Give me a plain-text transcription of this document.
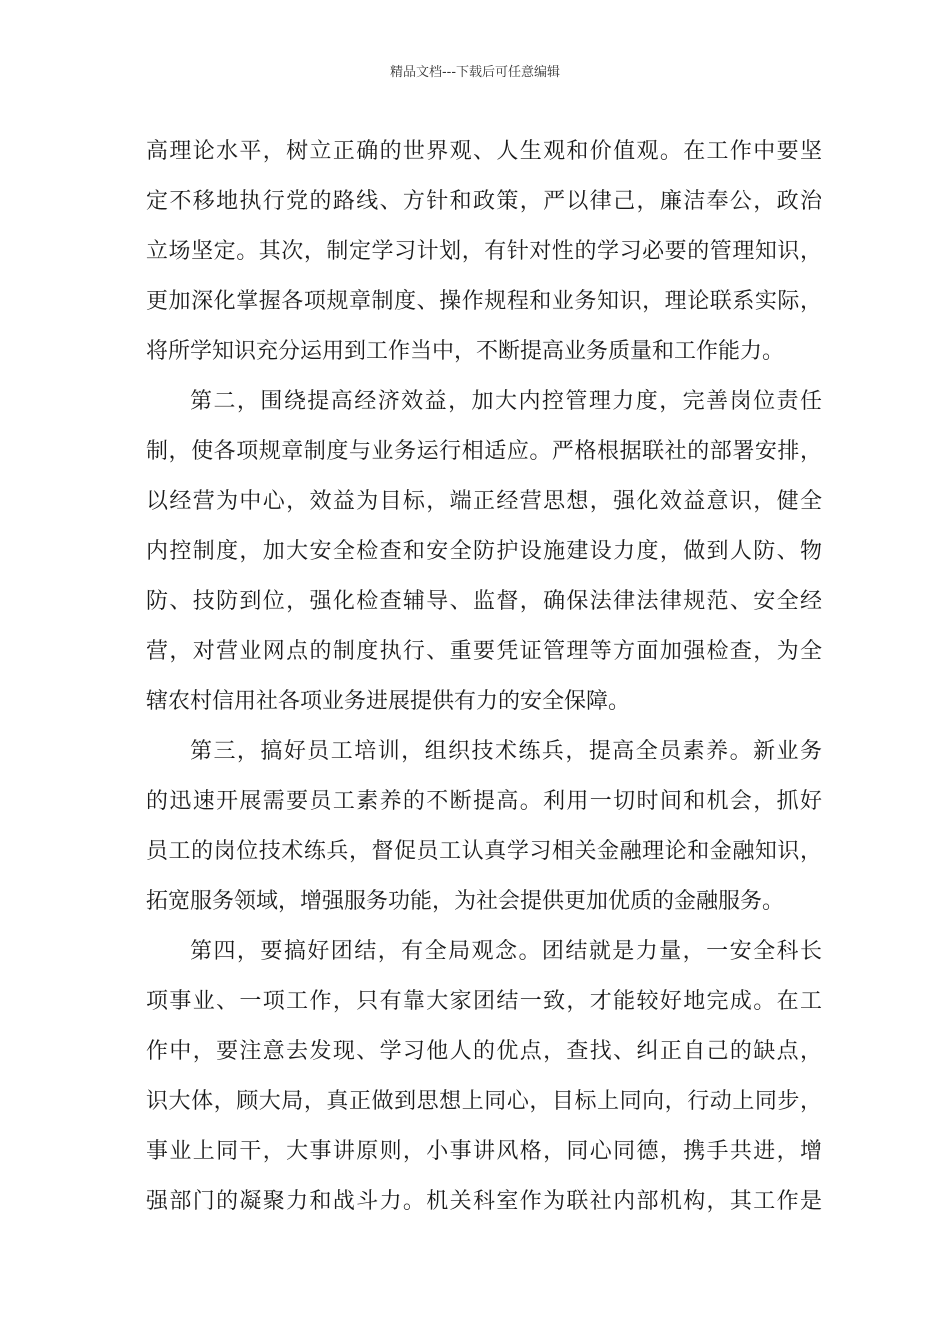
精品文档---下载后可任意编辑
高理论水平，树立正确的世界观、人生观和价值观。在工作中要坚
定不移地执行党的路线、方针和政策，严以律己，廉洁奉公，政治
立场坚定。其次，制定学习计划，有针对性的学习必要的管理知识，
更加深化掌握各项规章制度、操作规程和业务知识，理论联系实际，
将所学知识充分运用到工作当中，不断提高业务质量和工作能力。
第二，围绕提高经济效益，加大内控管理力度，完善岗位责任
制，使各项规章制度与业务运行相适应。严格根据联社的部署安排，
以经营为中心，效益为目标，端正经营思想，强化效益意识，健全
内控制度，加大安全检查和安全防护设施建设力度，做到人防、物
防、技防到位，强化检查辅导、监督，确保法律法律规范、安全经
营，对营业网点的制度执行、重要凭证管理等方面加强检查，为全
辖农村信用社各项业务进展提供有力的安全保障。
第三，搞好员工培训，组织技术练兵，提高全员素养。新业务
的迅速开展需要员工素养的不断提高。利用一切时间和机会，抓好
员工的岗位技术练兵，督促员工认真学习相关金融理论和金融知识，
拓宽服务领域，增强服务功能，为社会提供更加优质的金融服务。
第四，要搞好团结，有全局观念。团结就是力量，一安全科长
项事业、一项工作，只有靠大家团结一致，才能较好地完成。在工
作中，要注意去发现、学习他人的优点，查找、纠正自己的缺点，
识大体，顾大局，真正做到思想上同心，目标上同向，行动上同步，
事业上同干，大事讲原则，小事讲风格，同心同德，携手共进，增
强部门的凝聚力和战斗力。机关科室作为联社内部机构，其工作是
